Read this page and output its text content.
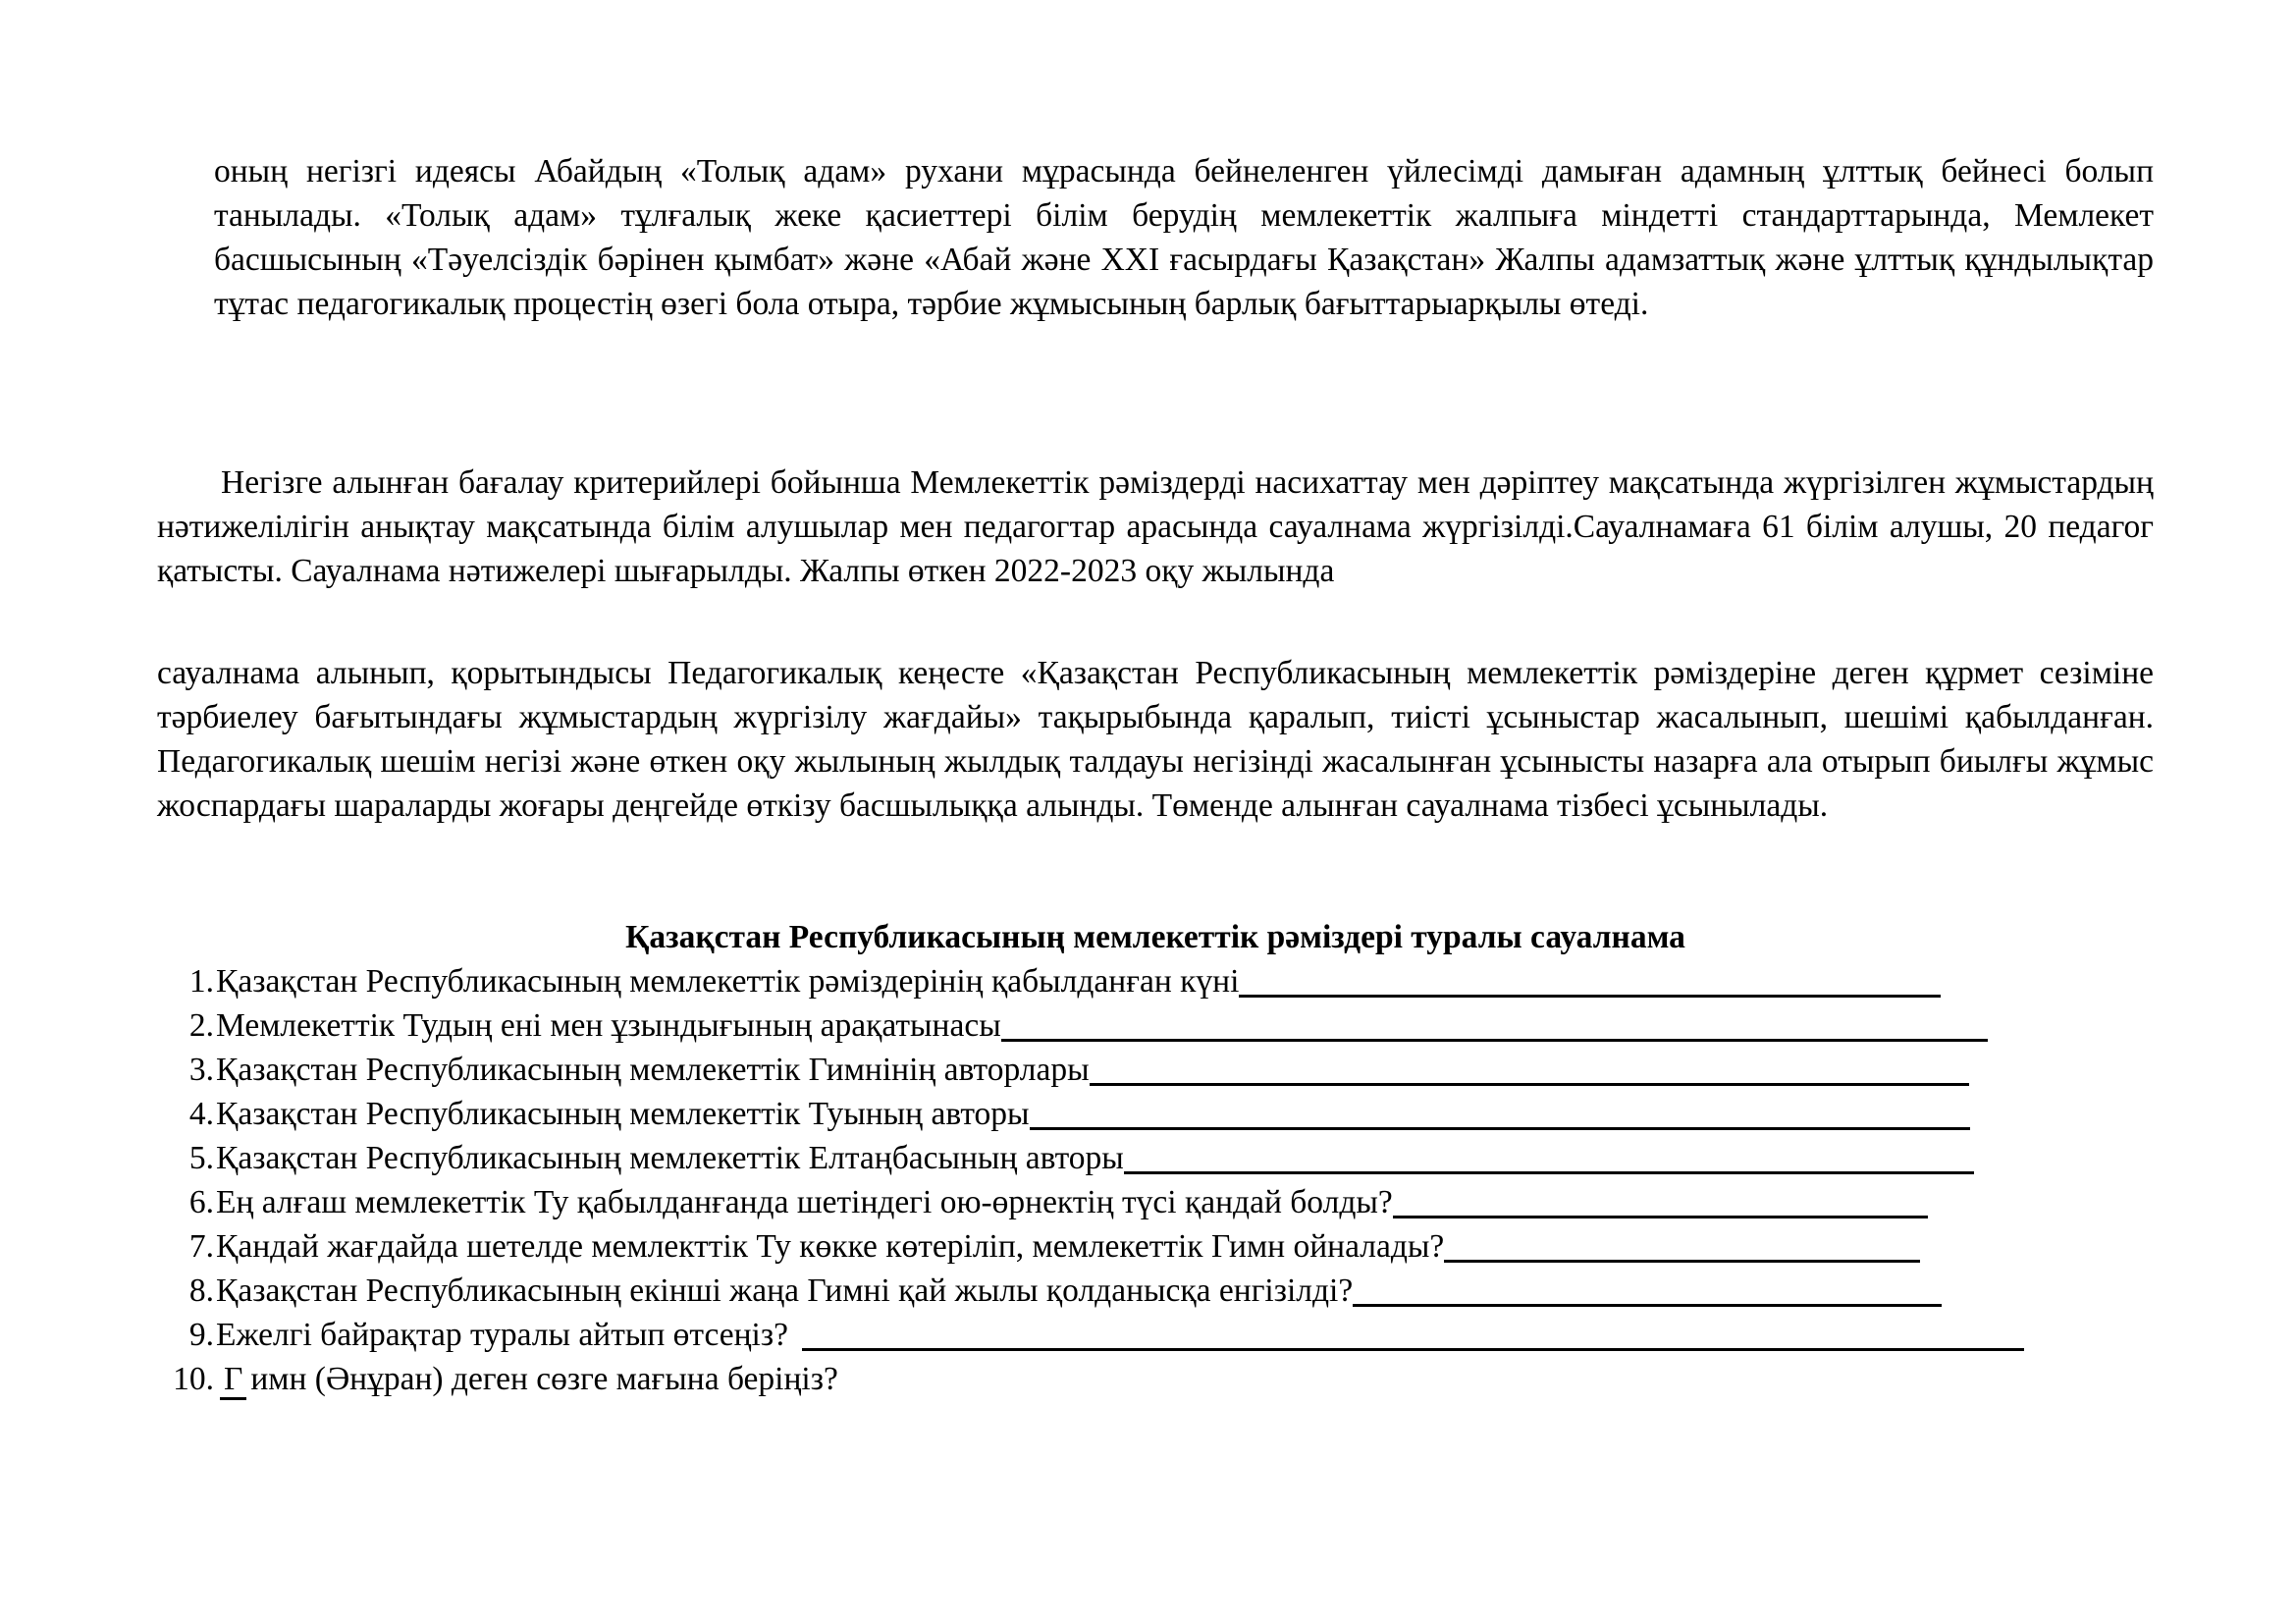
оның негізгі идеясы Абайдың «Толық адам» рухани мұрасында бейнеленген үйлесімді дамыған адамның ұлттық бейнесі болып танылады. «Толық адам» тұлғалық жеке қасиеттері білім берудің мемлекеттік жалпыға міндетті стандарттарында, Мемлекет басшысының «Тәуелсіздік бәрінен қымбат» және «Абай және XXI ғасырдағы Қазақстан» Жалпы адамзаттық және ұлттық құндылықтар тұтас педагогикалық процестің өзегі бола отыра, тәрбие жұмысының барлық бағыттарыарқылы өтеді.

Негізге алынған бағалау критерийлері бойынша Мемлекеттік рәміздерді насихаттау мен дәріптеу мақсатында жүргізілген жұмыстардың нәтижелілігін анықтау мақсатында білім алушылар мен педагогтар арасында сауалнама жүргізілді.Сауалнамаға 61 білім алушы, 20 педагог қатысты. Сауалнама нәтижелері шығарылды. Жалпы өткен 2022-2023 оқу жылында

сауалнама алынып, қорытындысы Педагогикалық кеңесте «Қазақстан Республикасының мемлекеттік рәміздеріне деген құрмет сезіміне тәрбиелеу бағытындағы жұмыстардың жүргізілу жағдайы» тақырыбында қаралып, тиісті ұсыныстар жасалынып, шешімі қабылданған. Педагогикалық шешім негізі және өткен оқу жылының жылдық талдауы негізінді жасалынған ұсынысты назарға ала отырып биылғы жұмыс жоспардағы шараларды жоғары деңгейде өткізу басшылыққа алынды. Төменде алынған сауалнама тізбесі ұсынылады.

Қазақстан Республикасының мемлекеттік рәміздері туралы сауалнама
1. Қазақстан Республикасының мемлекеттік рәміздерінің қабылданған күні
2. Мемлекеттік Тудың ені мен ұзындығының арақатынасы
3. Қазақстан Республикасының мемлекеттік Гимнінің авторлары
4. Қазақстан Республикасының мемлекеттік Туының авторы
5. Қазақстан Республикасының мемлекеттік Елтаңбасының авторы
6. Ең алғаш мемлекеттік Ту қабылданғанда шетіндегі ою-өрнектің түсі қандай болды?
7. Қандай жағдайда шетелде мемлекттік Ту көкке көтеріліп, мемлекеттік Гимн ойналады?
8. Қазақстан Республикасының екінші жаңа Гимні қай жылы қолданысқа енгізілді?
9. Ежелгі байрақтар туралы айтып өтсеңіз?
10. Г имн (Әнұран) деген сөзге мағына беріңіз?
